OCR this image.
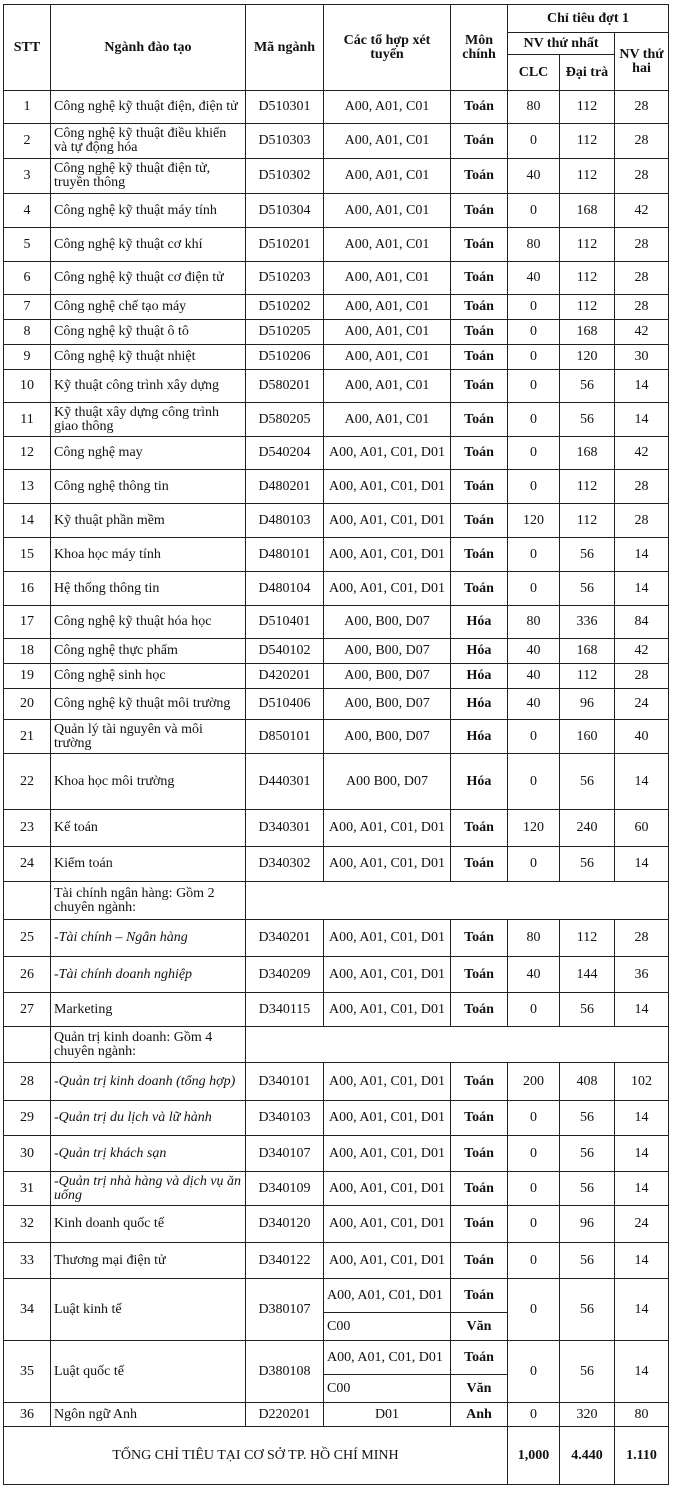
STT	Ngành đào tạo	Mã ngành	Các tổ hợp xét tuyển	Môn chính	Chỉ tiêu đợt 1		
					NV thứ nhất		NV thứ hai
					CLC	Đại trà	
1	Công nghệ kỹ thuật điện, điện tử	D510301	A00, A01, C01	Toán	80	112	28
2	Công nghệ kỹ thuật điều khiển và tự động hóa	D510303	A00, A01, C01	Toán	0	112	28
3	Công nghệ kỹ thuật điện tử, truyền thông	D510302	A00, A01, C01	Toán	40	112	28
4	Công nghệ kỹ thuật máy tính	D510304	A00, A01, C01	Toán	0	168	42
5	Công nghệ kỹ thuật cơ khí	D510201	A00, A01, C01	Toán	80	112	28
6	Công nghệ kỹ thuật cơ điện tử	D510203	A00, A01, C01	Toán	40	112	28
7	Công nghệ chế tạo máy	D510202	A00, A01, C01	Toán	0	112	28
8	Công nghệ kỹ thuật ô tô	D510205	A00, A01, C01	Toán	0	168	42
9	Công nghệ kỹ thuật nhiệt	D510206	A00, A01, C01	Toán	0	120	30
10	Kỹ thuật công trình xây dựng	D580201	A00, A01, C01	Toán	0	56	14
11	Kỹ thuật xây dựng công trình giao thông	D580205	A00, A01, C01	Toán	0	56	14
12	Công nghệ may	D540204	A00, A01, C01, D01	Toán	0	168	42
13	Công nghệ thông tin	D480201	A00, A01, C01, D01	Toán	0	112	28
14	Kỹ thuật phần mềm	D480103	A00, A01, C01, D01	Toán	120	112	28
15	Khoa học máy tính	D480101	A00, A01, C01, D01	Toán	0	56	14
16	Hệ thống thông tin	D480104	A00, A01, C01, D01	Toán	0	56	14
17	Công nghệ kỹ thuật hóa học	D510401	A00, B00, D07	Hóa	80	336	84
18	Công nghệ thực phẩm	D540102	A00, B00, D07	Hóa	40	168	42
19	Công nghệ sinh học	D420201	A00, B00, D07	Hóa	40	112	28
20	Công nghệ kỹ thuật môi trường	D510406	A00, B00, D07	Hóa	40	96	24
21	Quản lý tài nguyên và môi trường	D850101	A00, B00, D07	Hóa	0	160	40
22	Khoa học môi trường	D440301	A00 B00, D07	Hóa	0	56	14
23	Kế toán	D340301	A00, A01, C01, D01	Toán	120	240	60
24	Kiểm toán	D340302	A00, A01, C01, D01	Toán	0	56	14
	Tài chính ngân hàng: Gồm 2 chuyên ngành:						
25	-Tài chính – Ngân hàng	D340201	A00, A01, C01, D01	Toán	80	112	28
26	-Tài chính doanh nghiệp	D340209	A00, A01, C01, D01	Toán	40	144	36
27	Marketing	D340115	A00, A01, C01, D01	Toán	0	56	14
	Quản trị kinh doanh: Gồm 4 chuyên ngành:						
28	-Quản trị kinh doanh (tổng hợp)	D340101	A00, A01, C01, D01	Toán	200	408	102
29	-Quản trị du lịch và lữ hành	D340103	A00, A01, C01, D01	Toán	0	56	14
30	-Quản trị khách sạn	D340107	A00, A01, C01, D01	Toán	0	56	14
31	-Quản trị nhà hàng và dịch vụ ăn uống	D340109	A00, A01, C01, D01	Toán	0	56	14
32	Kinh doanh quốc tế	D340120	A00, A01, C01, D01	Toán	0	96	24
33	Thương mại điện tử	D340122	A00, A01, C01, D01	Toán	0	56	14
34	Luật kinh tế	D380107	A00, A01, C01, D01	Toán	0	56	14
			C00	Văn			
35	Luật quốc tế	D380108	A00, A01, C01, D01	Toán	0	56	14
			C00	Văn			
36	Ngôn ngữ Anh	D220201	D01	Anh	0	320	80
TỔNG CHỈ TIÊU TẠI CƠ SỞ TP. HỒ CHÍ MINH					1,000	4.440	1.110
